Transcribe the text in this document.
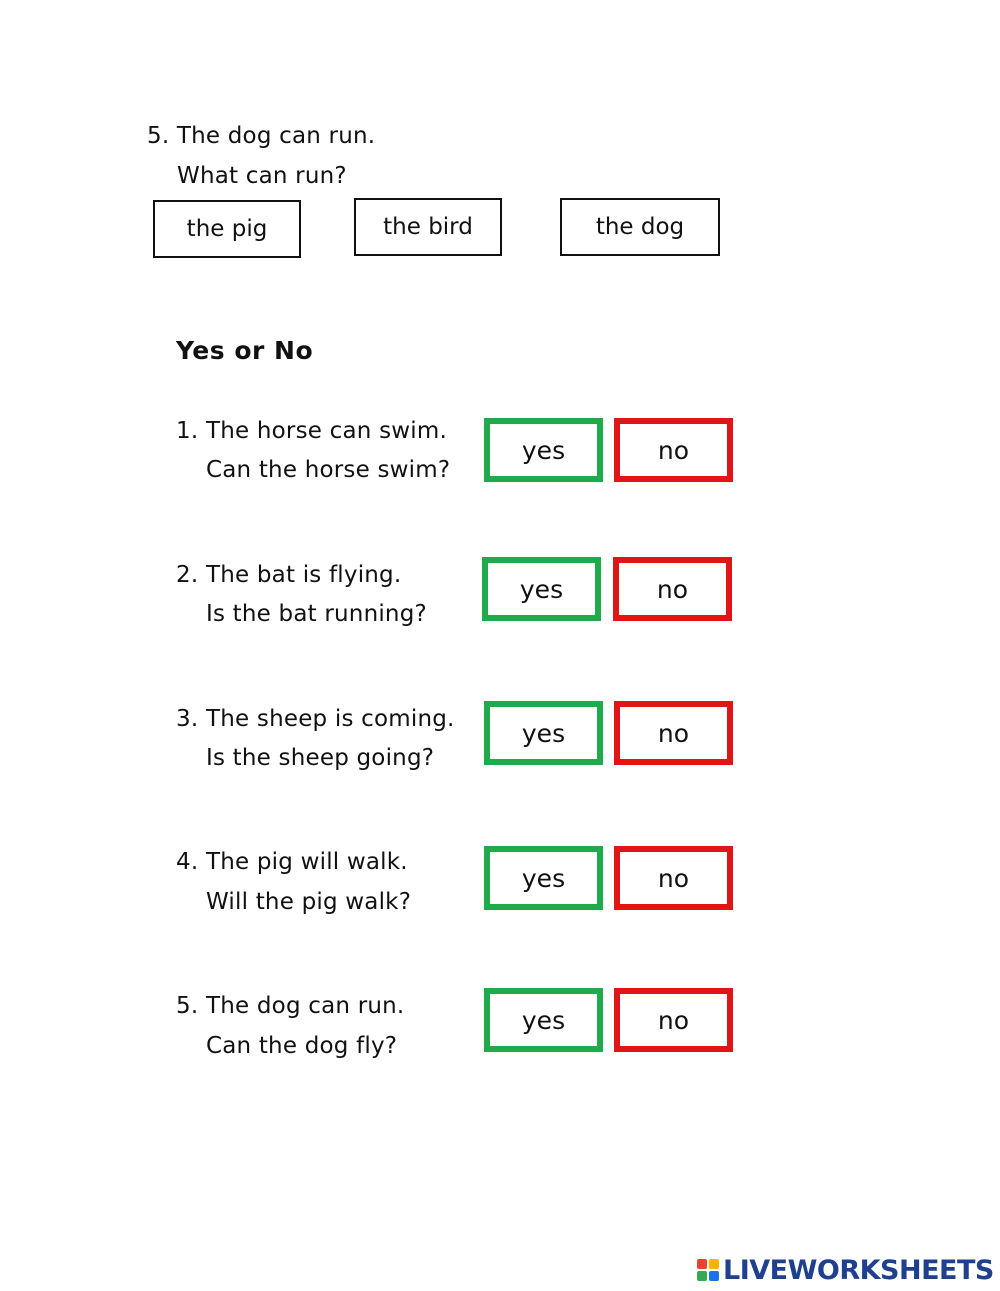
5. The dog can run.
What can run?
the pig	the bird	the dog
Yes or No
1. The horse can swim.
Can the horse swim?
yes	no
2. The bat is flying.
Is the bat running?
yes	no
3. The sheep is coming.
Is the sheep going?
yes	no
4. The pig will walk.
Will the pig walk?
yes	no
5. The dog can run.
Can the dog fly?
yes	no
LIVEWORKSHEETS
